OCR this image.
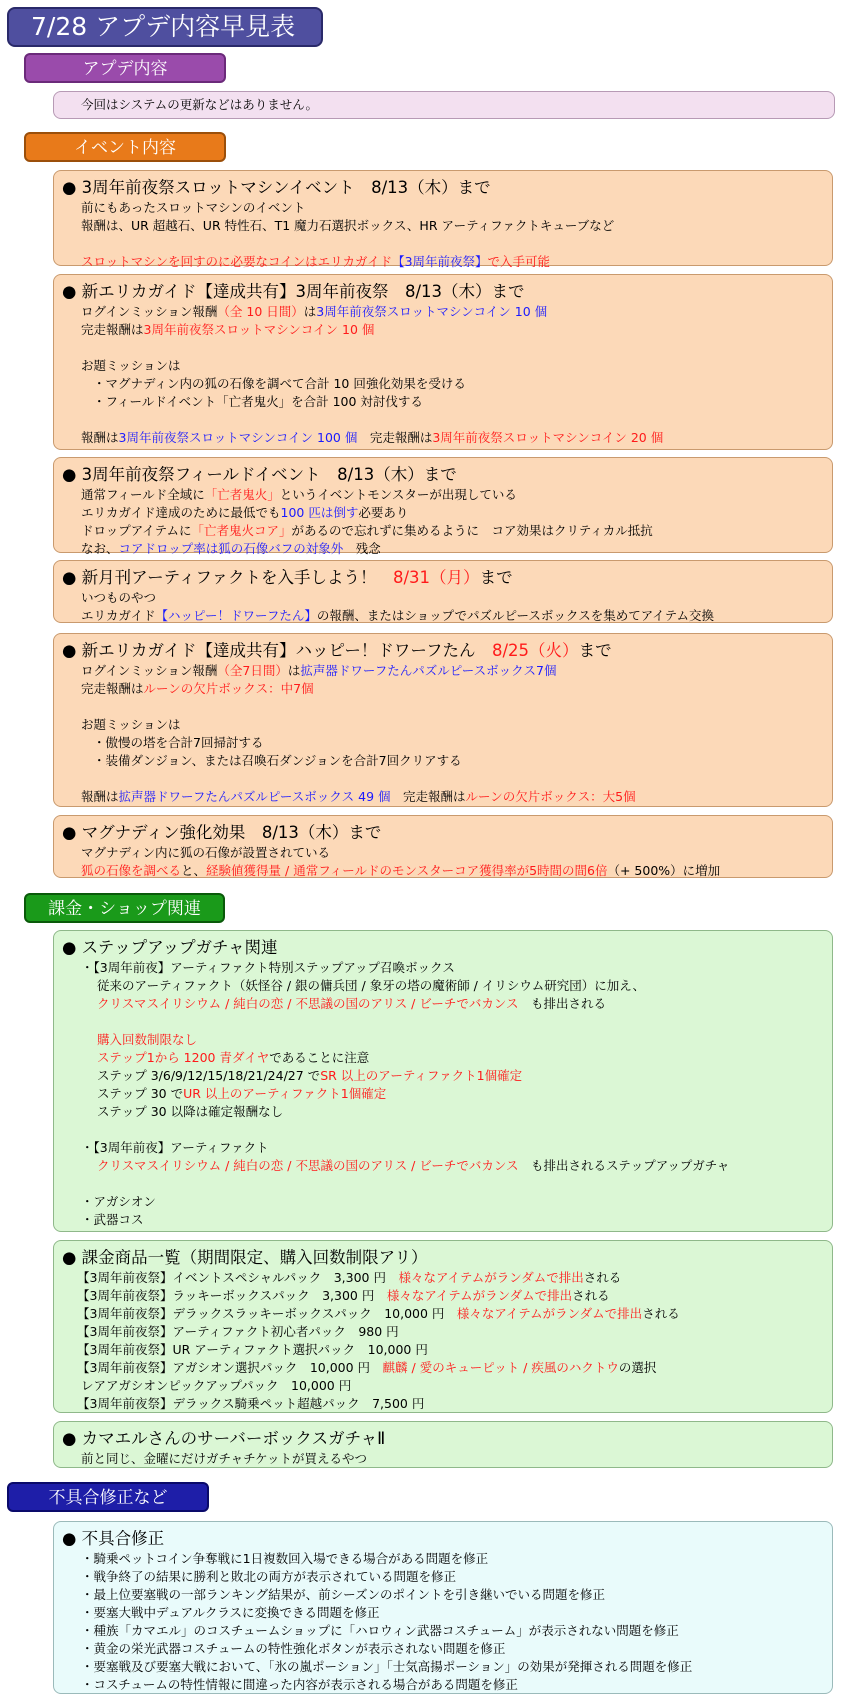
7/28 アプデ内容早見表
アプデ内容
今回はシステムの更新などはありません。
イベント内容
● 3周年前夜祭スロットマシンイベント　8/13（木）まで
前にもあったスロットマシンのイベント
報酬は、UR 超越石、UR 特性石、T1 魔力石選択ボックス、HR アーティファクトキューブなど
スロットマシンを回すのに必要なコインはエリカガイド【3周年前夜祭】で入手可能
● 新エリカガイド【達成共有】3周年前夜祭　8/13（木）まで
ログインミッション報酬（全 10 日間）は3周年前夜祭スロットマシンコイン 10 個
完走報酬は3周年前夜祭スロットマシンコイン 10 個
お題ミッションは
・マグナディン内の狐の石像を調べて合計 10 回強化効果を受ける
・フィールドイベント「亡者鬼火」を合計 100 対討伐する
報酬は3周年前夜祭スロットマシンコイン 100 個　完走報酬は3周年前夜祭スロットマシンコイン 20 個
● 3周年前夜祭フィールドイベント　8/13（木）まで
通常フィールド全域に「亡者鬼火」というイベントモンスターが出現している
エリカガイド達成のために最低でも100 匹は倒す必要あり
ドロップアイテムに「亡者鬼火コア」があるので忘れずに集めるように　コア効果はクリティカル抵抗
なお、コアドロップ率は狐の石像バフの対象外　残念
● 新月刊アーティファクトを入手しよう！　8/31（月）まで
いつものやつ
エリカガイド【ハッピー！ドワーフたん】の報酬、またはショップでパズルピースボックスを集めてアイテム交換
● 新エリカガイド【達成共有】ハッピー！ドワーフたん　8/25（火）まで
ログインミッション報酬（全7日間）は拡声器ドワーフたんパズルピースボックス7個
完走報酬はルーンの欠片ボックス：中7個
お題ミッションは
・傲慢の塔を合計7回掃討する
・装備ダンジョン、または召喚石ダンジョンを合計7回クリアする
報酬は拡声器ドワーフたんパズルピースボックス 49 個　完走報酬はルーンの欠片ボックス：大5個
● マグナディン強化効果　8/13（木）まで
マグナディン内に狐の石像が設置されている
狐の石像を調べると、経験値獲得量 / 通常フィールドのモンスターコア獲得率が5時間の間6倍（+ 500%）に増加
課金・ショップ関連
● ステップアップガチャ関連
・【3周年前夜】アーティファクト特別ステップアップ召喚ボックス
従来のアーティファクト（妖怪谷 / 銀の傭兵団 / 象牙の塔の魔術師 / イリシウム研究団）に加え、
クリスマスイリシウム / 純白の恋 / 不思議の国のアリス / ビーチでバカンス　も排出される
購入回数制限なし
ステップ1から 1200 青ダイヤであることに注意
ステップ 3/6/9/12/15/18/21/24/27 でSR 以上のアーティファクト1個確定
ステップ 30 でUR 以上のアーティファクト1個確定
ステップ 30 以降は確定報酬なし
・【3周年前夜】アーティファクト
クリスマスイリシウム / 純白の恋 / 不思議の国のアリス / ビーチでバカンス　も排出されるステップアップガチャ
・アガシオン
・武器コス
● 課金商品一覧（期間限定、購入回数制限アリ）
【3周年前夜祭】イベントスペシャルパック　3,300 円　様々なアイテムがランダムで排出される
【3周年前夜祭】ラッキーボックスパック　3,300 円　様々なアイテムがランダムで排出される
【3周年前夜祭】デラックスラッキーボックスパック　10,000 円　様々なアイテムがランダムで排出される
【3周年前夜祭】アーティファクト初心者パック　980 円
【3周年前夜祭】UR アーティファクト選択パック　10,000 円
【3周年前夜祭】アガシオン選択パック　10,000 円　麒麟 / 愛のキューピット / 疾風のハクトウの選択
レアアガシオンピックアップパック　10,000 円
【3周年前夜祭】デラックス騎乗ペット超越パック　7,500 円
● カマエルさんのサーバーボックスガチャⅡ
前と同じ、金曜にだけガチャチケットが買えるやつ
不具合修正など
● 不具合修正
・騎乗ペットコイン争奪戦に1日複数回入場できる場合がある問題を修正
・戦争終了の結果に勝利と敗北の両方が表示されている問題を修正
・最上位要塞戦の一部ランキング結果が、前シーズンのポイントを引き継いでいる問題を修正
・要塞大戦中デュアルクラスに変換できる問題を修正
・種族「カマエル」のコスチュームショップに「ハロウィン武器コスチューム」が表示されない問題を修正
・黄金の栄光武器コスチュームの特性強化ボタンが表示されない問題を修正
・要塞戦及び要塞大戦において、「氷の嵐ポーション」「士気高揚ポーション」の効果が発揮される問題を修正
・コスチュームの特性情報に間違った内容が表示される場合がある問題を修正
